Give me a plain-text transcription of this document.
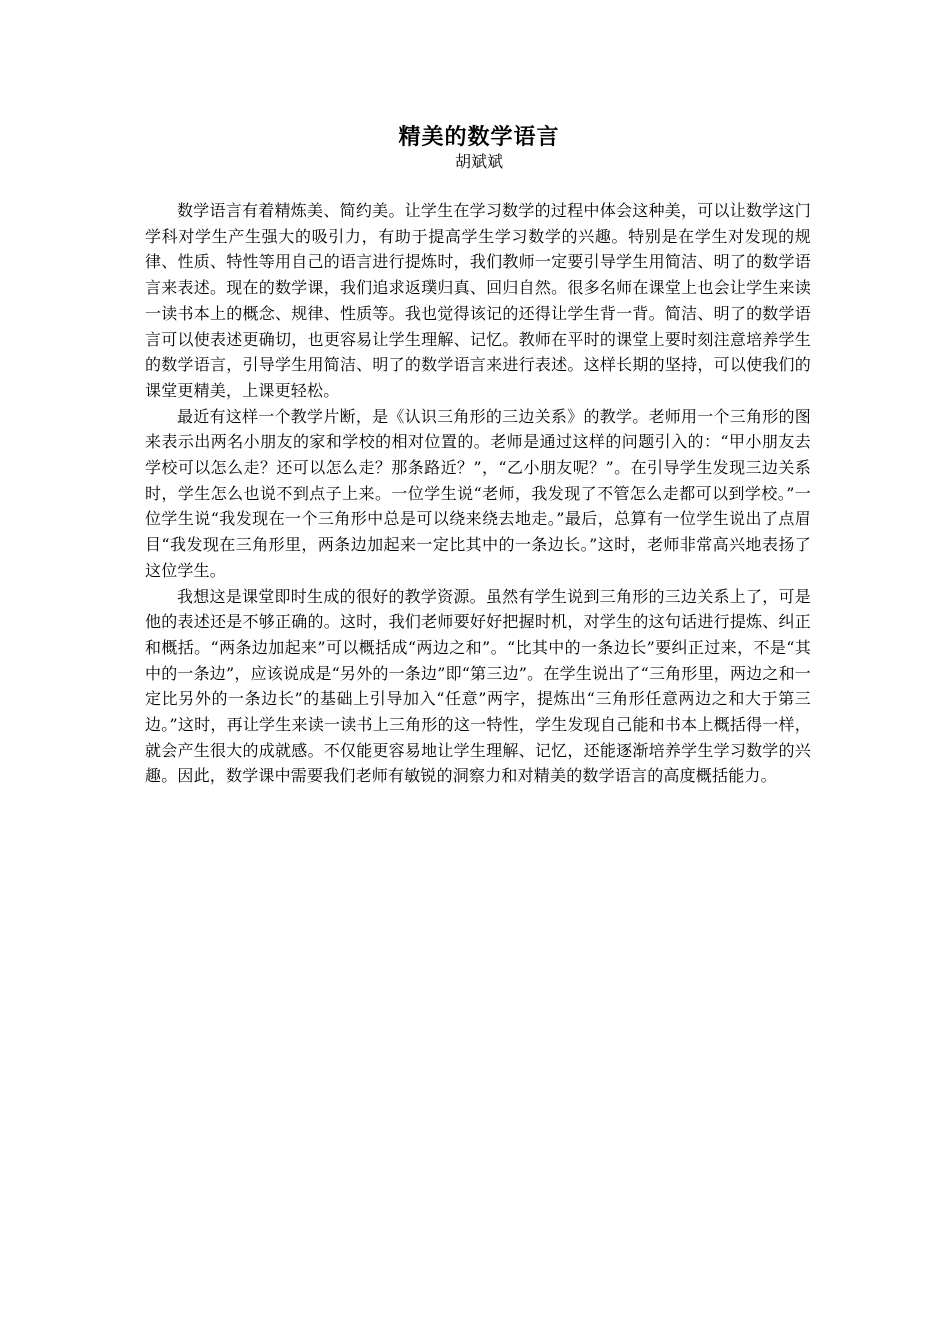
精美的数学语言
胡斌斌

数学语言有着精炼美、简约美。让学生在学习数学的过程中体会这种美，可以让数学这门学科对学生产生强大的吸引力，有助于提高学生学习数学的兴趣。特别是在学生对发现的规律、性质、特性等用自己的语言进行提炼时，我们教师一定要引导学生用简洁、明了的数学语言来表述。现在的数学课，我们追求返璞归真、回归自然。很多名师在课堂上也会让学生来读一读书本上的概念、规律、性质等。我也觉得该记的还得让学生背一背。简洁、明了的数学语言可以使表述更确切，也更容易让学生理解、记忆。教师在平时的课堂上要时刻注意培养学生的数学语言，引导学生用简洁、明了的数学语言来进行表述。这样长期的坚持，可以使我们的课堂更精美，上课更轻松。

最近有这样一个教学片断，是《认识三角形的三边关系》的教学。老师用一个三角形的图来表示出两名小朋友的家和学校的相对位置的。老师是通过这样的问题引入的：“甲小朋友去学校可以怎么走？还可以怎么走？那条路近？”，“乙小朋友呢？”。在引导学生发现三边关系时，学生怎么也说不到点子上来。一位学生说“老师，我发现了不管怎么走都可以到学校。”一位学生说“我发现在一个三角形中总是可以绕来绕去地走。”最后，总算有一位学生说出了点眉目“我发现在三角形里，两条边加起来一定比其中的一条边长。”这时，老师非常高兴地表扬了这位学生。

我想这是课堂即时生成的很好的教学资源。虽然有学生说到三角形的三边关系上了，可是他的表述还是不够正确的。这时，我们老师要好好把握时机，对学生的这句话进行提炼、纠正和概括。“两条边加起来”可以概括成“两边之和”。“比其中的一条边长”要纠正过来，不是“其中的一条边”，应该说成是“另外的一条边”即“第三边”。在学生说出了“三角形里，两边之和一定比另外的一条边长”的基础上引导加入“任意”两字，提炼出“三角形任意两边之和大于第三边。”这时，再让学生来读一读书上三角形的这一特性，学生发现自己能和书本上概括得一样，就会产生很大的成就感。不仅能更容易地让学生理解、记忆，还能逐渐培养学生学习数学的兴趣。因此，数学课中需要我们老师有敏锐的洞察力和对精美的数学语言的高度概括能力。
